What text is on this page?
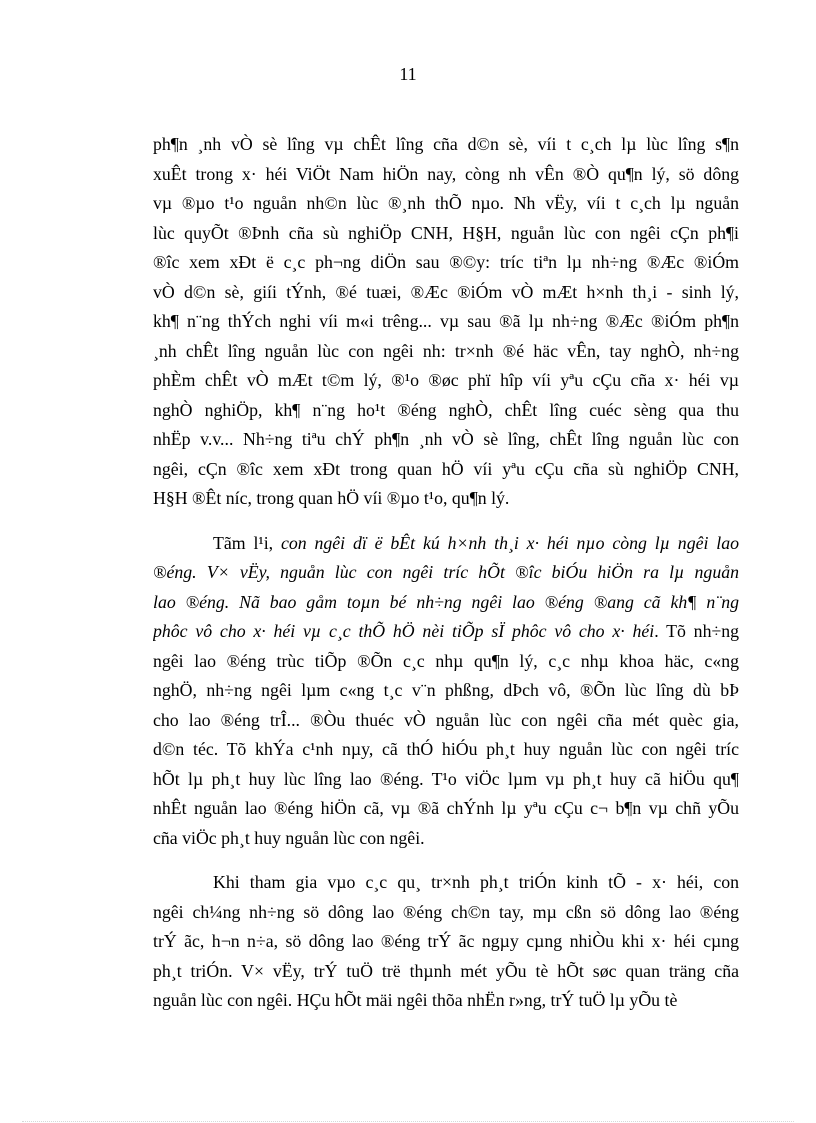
11
ph¶n ¸nh vÒ sè lîng vµ chÊt lîng cña d©n sè, víi t c¸ch lµ lùc lîng s¶n
xuÊt trong x· héi ViÖt Nam hiÖn nay, còng nh vÊn ®Ò qu¶n lý, sö dông
vµ ®µo t¹o nguån nh©n lùc ®¸nh thÕ nµo. Nh vËy, víi t c¸ch lµ nguån
lùc quyÕt ®Þnh cña sù nghiÖp CNH, H§H, nguån lùc con ngêi cÇn ph¶i
®îc xem xÐt ë c¸c ph¬ng diÖn sau ®©y: tríc tiªn lµ nh÷ng ®Æc ®iÓm
vÒ d©n sè, giíi tÝnh, ®é tuæi, ®Æc ®iÓm vÒ mÆt h×nh th¸i - sinh lý,
kh¶ n¨ng thÝch nghi víi m«i trêng... vµ sau ®ã lµ nh÷ng ®Æc ®iÓm ph¶n
¸nh chÊt lîng nguån lùc con ngêi nh: tr×nh ®é häc vÊn, tay nghÒ, nh÷ng
phÈm chÊt vÒ mÆt t©m lý, ®¹o ®øc phï hîp víi yªu cÇu cña x· héi vµ
nghÒ nghiÖp, kh¶ n¨ng ho¹t ®éng nghÒ, chÊt lîng cuéc sèng qua thu
nhËp v.v... Nh÷ng tiªu chÝ ph¶n ¸nh vÒ sè lîng, chÊt lîng nguån lùc con
ngêi, cÇn ®îc xem xÐt trong quan hÖ víi yªu cÇu cña sù nghiÖp CNH,
H§H ®Êt níc, trong quan hÖ víi ®µo t¹o, qu¶n lý.
Tãm l¹i, con ngêi dï ë bÊt kú h×nh th¸i x· héi nµo còng lµ ngêi lao
®éng. V× vËy, nguån lùc con ngêi tríc hÕt ®îc biÓu hiÖn ra lµ nguån
lao ®éng. Nã bao gåm toµn bé nh÷ng ngêi lao ®éng ®ang cã kh¶ n¨ng
phôc vô cho x· héi vµ c¸c thÕ hÖ nèi tiÕp sÏ phôc vô cho x· héi. Tõ nh÷ng
ngêi lao ®éng trùc tiÕp ®Õn c¸c nhµ qu¶n lý, c¸c nhµ khoa häc, c«ng
nghÖ, nh÷ng ngêi lµm c«ng t¸c v¨n phßng, dÞch vô, ®Õn lùc lîng dù bÞ
cho lao ®éng trÎ... ®Òu thuéc vÒ nguån lùc con ngêi cña mét quèc gia,
d©n téc. Tõ khÝa c¹nh nµy, cã thÓ hiÓu ph¸t huy nguån lùc con ngêi tríc
hÕt lµ ph¸t huy lùc lîng lao ®éng. T¹o viÖc lµm vµ ph¸t huy cã hiÖu qu¶
nhÊt nguån lao ®éng hiÖn cã, vµ ®ã chÝnh lµ yªu cÇu c¬ b¶n vµ chñ yÕu
cña viÖc ph¸t huy nguån lùc con ngêi.
Khi tham gia vµo c¸c qu¸ tr×nh ph¸t triÓn kinh tÕ - x· héi, con
ngêi ch¼ng nh÷ng sö dông lao ®éng ch©n tay, mµ cßn sö dông lao ®éng
trÝ ãc, h¬n n÷a, sö dông lao ®éng trÝ ãc ngµy cµng nhiÒu khi x· héi cµng
ph¸t triÓn. V× vËy, trÝ tuÖ trë thµnh mét yÕu tè hÕt søc quan träng cña
nguån lùc con ngêi. HÇu hÕt mäi ngêi thõa nhËn r»ng, trÝ tuÖ lµ yÕu tè
